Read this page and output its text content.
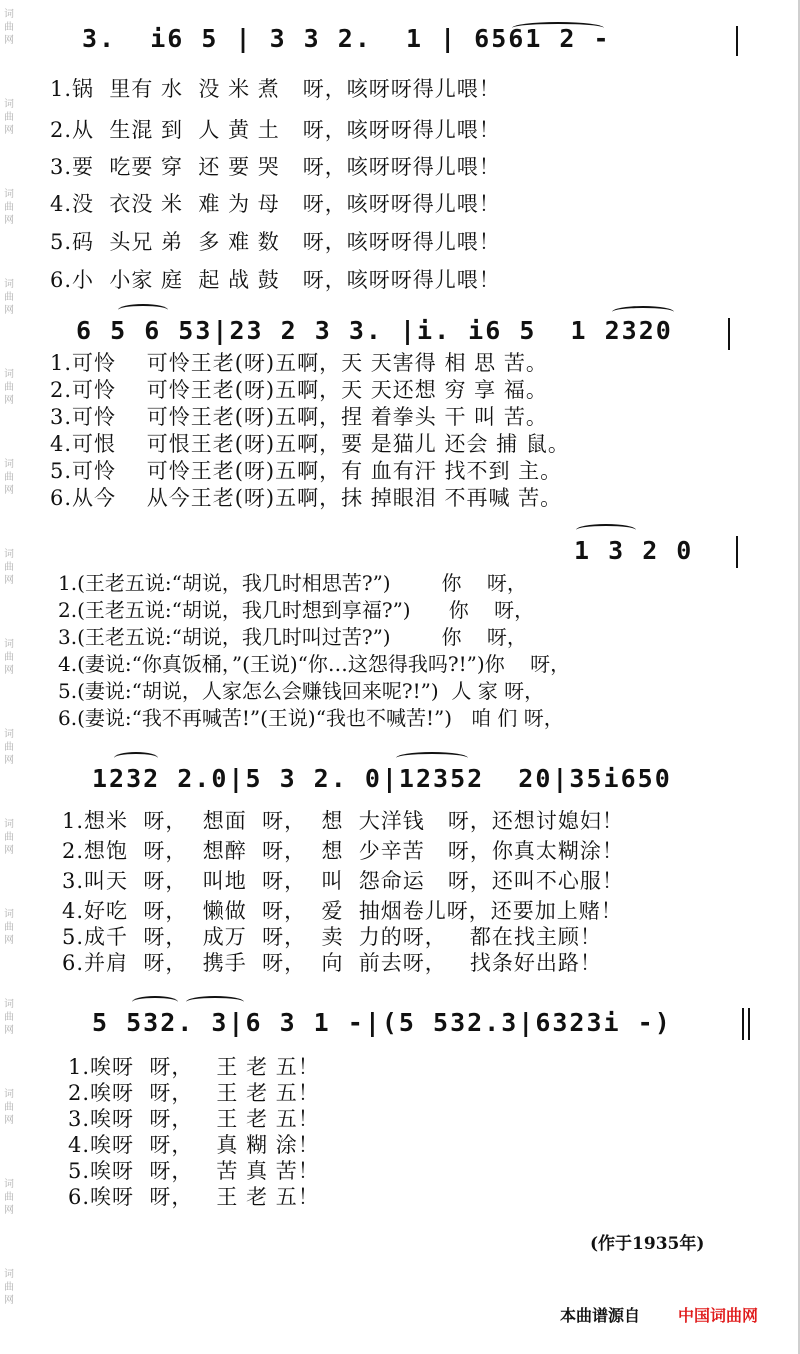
词曲网
词曲网
词曲网
词曲网
词曲网
词曲网
词曲网
词曲网
词曲网
词曲网
词曲网
词曲网
词曲网
词曲网
词曲网
3.  i6 5 | 3 3 2.  1 | 6561 2 -
1.锅  里有 水  没 米 煮   呀，咳呀呀得儿喂！
2.从  生混 到  人 黄 土   呀，咳呀呀得儿喂！
3.要  吃要 穿  还 要 哭   呀，咳呀呀得儿喂！
4.没  衣没 米  难 为 母   呀，咳呀呀得儿喂！
5.码  头兄 弟  多 难 数   呀，咳呀呀得儿喂！
6.小  小家 庭  起 战 鼓   呀，咳呀呀得儿喂！
6 5 6 53|23 2 3 3. |i. i6 5  1 2320
1.可怜    可怜王老(呀)五啊，天 天害得 相 思 苦。
2.可怜    可怜王老(呀)五啊，天 天还想 穷 享 福。
3.可怜    可怜王老(呀)五啊，捏 着拳头 干 叫 苦。
4.可恨    可恨王老(呀)五啊，要 是猫儿 还会 捕 鼠。
5.可怜    可怜王老(呀)五啊，有 血有汗 找不到 主。
6.从今    从今王老(呀)五啊，抹 掉眼泪 不再喊 苦。
1 3 2 0
1.(王老五说:“胡说，我几时相思苦?”)        你    呀，
2.(王老五说:“胡说，我几时想到享福?”)      你    呀，
3.(王老五说:“胡说，我几时叫过苦?”)        你    呀，
4.(妻说:“你真饭桶，”(王说)“你…这怨得我吗?!”)你    呀，
5.(妻说:“胡说，人家怎么会赚钱回来呢?!”)  人 家 呀，
6.(妻说:“我不再喊苦!”(王说)“我也不喊苦!”)   咱 们 呀，
1232 2.0|5 3 2. 0|12352  20|35i650
1.想米  呀，  想面  呀，  想  大洋钱   呀，还想讨媳妇！
2.想饱  呀，  想醉  呀，  想  少辛苦   呀，你真太糊涂！
3.叫天  呀，  叫地  呀，  叫  怨命运   呀，还叫不心服！
4.好吃  呀，  懒做  呀，  爱  抽烟卷儿呀，还要加上赌！
5.成千  呀，  成万  呀，  卖  力的呀，   都在找主顾！
6.并肩  呀，  携手  呀，  向  前去呀，   找条好出路！
5 532. 3|6 3 1 -|(5 532.3|6323i -)
1.唉呀  呀，   王 老 五！
2.唉呀  呀，   王 老 五！
3.唉呀  呀，   王 老 五！
4.唉呀  呀，   真 糊 涂！
5.唉呀  呀，   苦 真 苦！
6.唉呀  呀，   王 老 五！
(作于1935年)
本曲谱源自 中国词曲网
